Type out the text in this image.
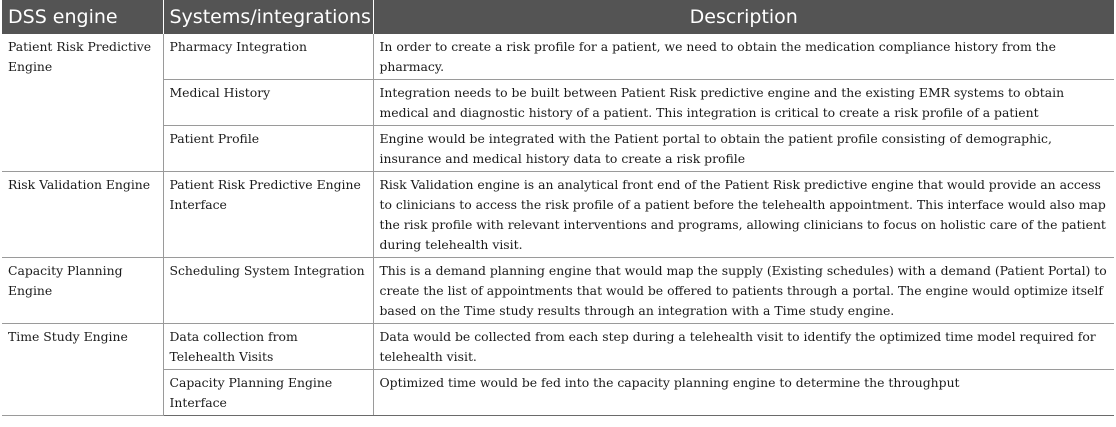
DSS engine	Systems/integrations	Description
Patient Risk Predictive Engine	Pharmacy Integration	In order to create a risk profile for a patient, we need to obtain the medication compliance history from the pharmacy.
	Medical History	Integration needs to be built between Patient Risk predictive engine and the existing EMR systems to obtain medical and diagnostic history of a patient. This integration is critical to create a risk profile of a patient
	Patient Profile	Engine would be integrated with the Patient portal to obtain the patient profile consisting of demographic, insurance and medical history data to create a risk profile
Risk Validation Engine	Patient Risk Predictive Engine Interface	Risk Validation engine is an analytical front end of the Patient Risk predictive engine that would provide an access to clinicians to access the risk profile of a patient before the telehealth appointment. This interface would also map the risk profile with relevant interventions and programs, allowing clinicians to focus on holistic care of the patient during telehealth visit.
Capacity Planning Engine	Scheduling System Integration	This is a demand planning engine that would map the supply (Existing schedules) with a demand (Patient Portal) to create the list of appointments that would be offered to patients through a portal. The engine would optimize itself based on the Time study results through an integration with a Time study engine.
Time Study Engine	Data collection from Telehealth Visits	Data would be collected from each step during a telehealth visit to identify the optimized time model required for telehealth visit.
	Capacity Planning Engine Interface	Optimized time would be fed into the capacity planning engine to determine the throughput
